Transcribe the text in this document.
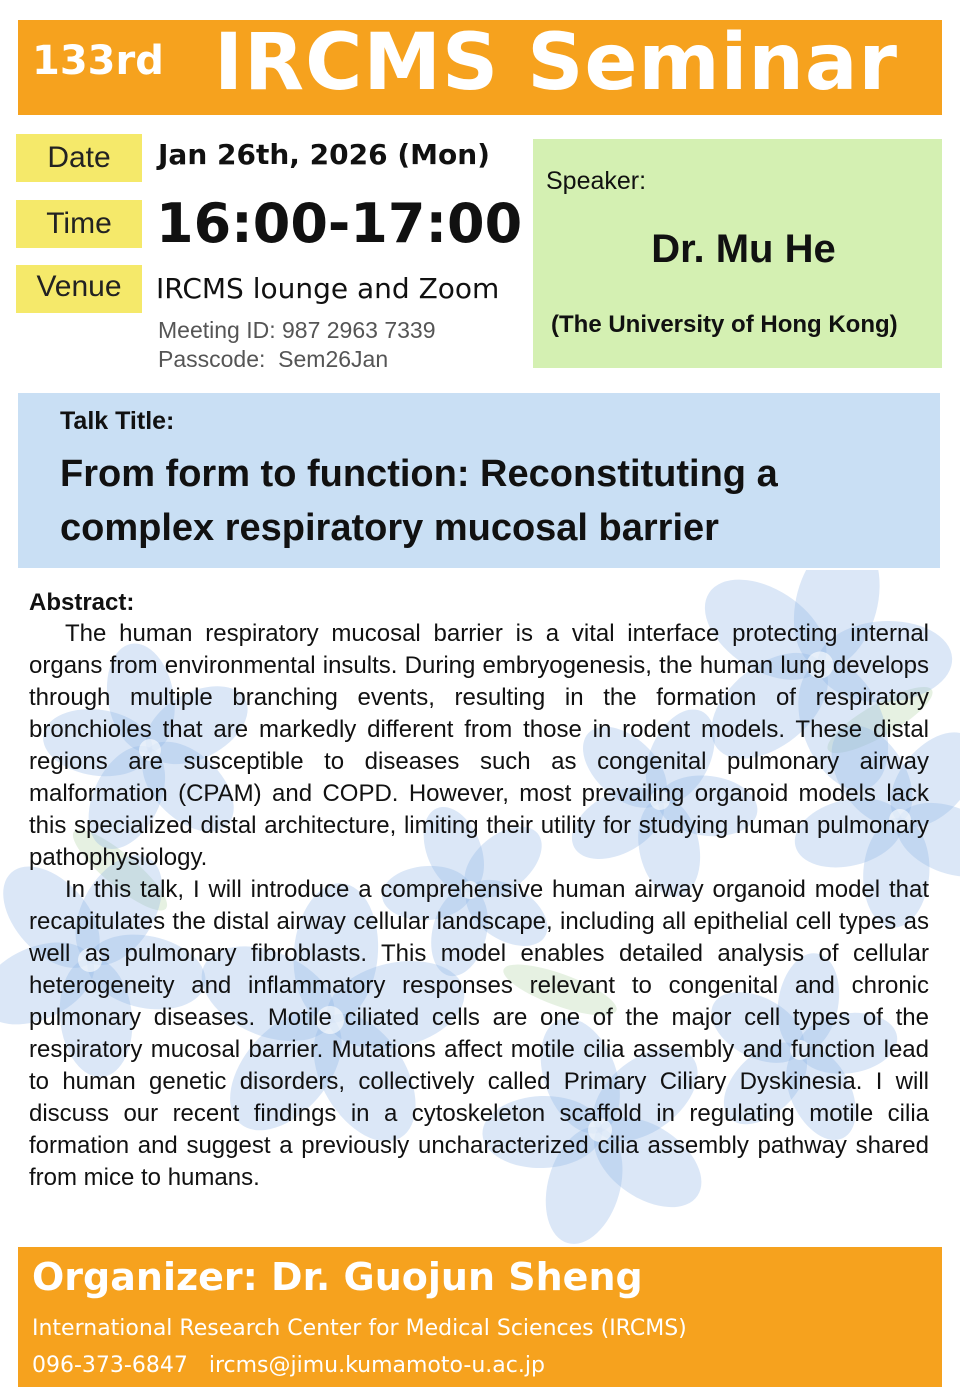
133rd IRCMS Seminar
Date	Jan 26th, 2026 (Mon)
Time 16:00-17:00
Venue	IRCMS lounge and Zoom
Meeting ID: 987 2963 7339
Passcode:  Sem26Jan
Speaker:
Dr. Mu He
(The University of Hong Kong)
Talk Title:
From form to function: Reconstituting a complex respiratory mucosal barrier
Abstract:
The human respiratory mucosal barrier is a vital interface protecting internal organs from environmental insults. During embryogenesis, the human lung develops through multiple branching events, resulting in the formation of respiratory bronchioles that are markedly different from those in rodent models. These distal regions are susceptible to diseases such as congenital pulmonary airway malformation (CPAM) and COPD. However, most prevailing organoid models lack this specialized distal architecture, limiting their utility for studying human pulmonary pathophysiology.
In this talk, I will introduce a comprehensive human airway organoid model that recapitulates the distal airway cellular landscape, including all epithelial cell types as well as pulmonary fibroblasts. This model enables detailed analysis of cellular heterogeneity and inflammatory responses relevant to congenital and chronic pulmonary diseases. Motile ciliated cells are one of the major cell types of the respiratory mucosal barrier. Mutations affect motile cilia assembly and function lead to human genetic disorders, collectively called Primary Ciliary Dyskinesia. I will discuss our recent findings in a cytoskeleton scaffold in regulating motile cilia formation and suggest a previously uncharacterized cilia assembly pathway shared from mice to humans.
Organizer: Dr. Guojun Sheng
International Research Center for Medical Sciences (IRCMS)
096-373-6847   ircms@jimu.kumamoto-u.ac.jp
